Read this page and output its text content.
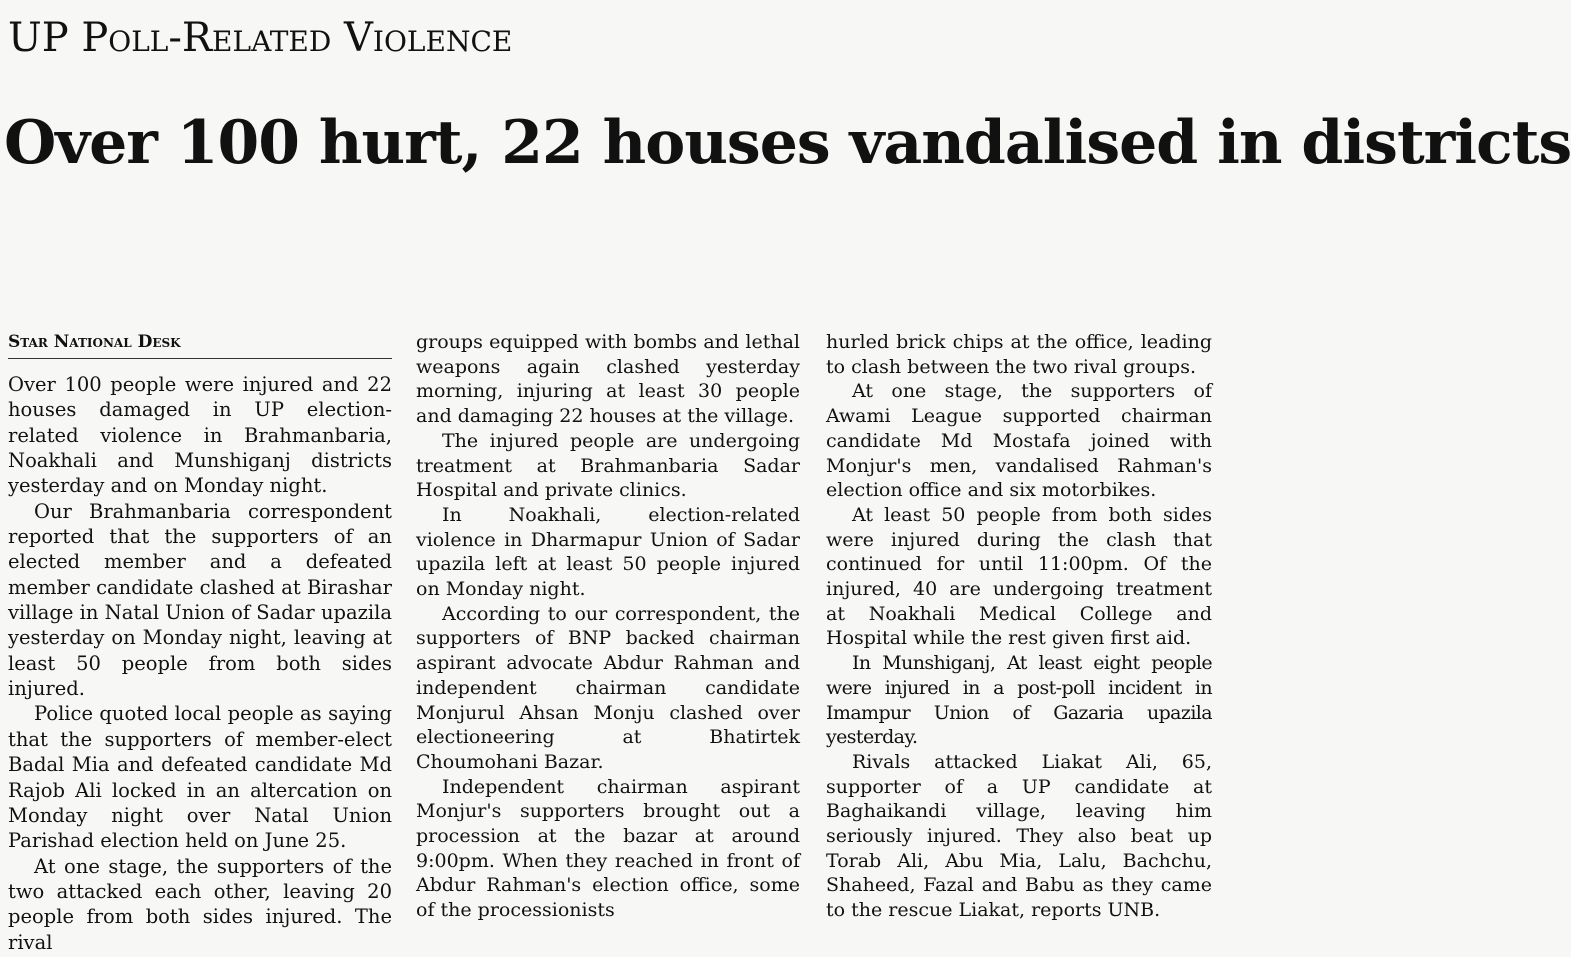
UP Poll-Related Violence
Over 100 hurt, 22 houses vandalised in districts
Star National Desk

Over 100 people were injured and 22 houses damaged in UP election-related violence in Brahmanbaria, Noakhali and Munshiganj districts yesterday and on Monday night.

Our Brahmanbaria correspondent reported that the supporters of an elected member and a defeated member candidate clashed at Birashar village in Natal Union of Sadar upazila yesterday on Monday night, leaving at least 50 people from both sides injured.

Police quoted local people as saying that the supporters of member-elect Badal Mia and defeated candidate Md Rajob Ali locked in an altercation on Monday night over Natal Union Parishad election held on June 25.

At one stage, the supporters of the two attacked each other, leaving 20 people from both sides injured. The rival

groups equipped with bombs and lethal weapons again clashed yesterday morning, injuring at least 30 people and damaging 22 houses at the village.

The injured people are undergoing treatment at Brahmanbaria Sadar Hospital and private clinics.

In Noakhali, election-related violence in Dharmapur Union of Sadar upazila left at least 50 people injured on Monday night.

According to our correspondent, the supporters of BNP backed chairman aspirant advocate Abdur Rahman and independent chairman candidate Monjurul Ahsan Monju clashed over electioneering at Bhatirtek Choumohani Bazar.

Independent chairman aspirant Monjur's supporters brought out a procession at the bazar at around 9:00pm. When they reached in front of Abdur Rahman's election office, some of the processionists

hurled brick chips at the office, leading to clash between the two rival groups.

At one stage, the supporters of Awami League supported chairman candidate Md Mostafa joined with Monjur's men, vandalised Rahman's election office and six motorbikes.

At least 50 people from both sides were injured during the clash that continued for until 11:00pm. Of the injured, 40 are undergoing treatment at Noakhali Medical College and Hospital while the rest given first aid.

In Munshiganj, At least eight people were injured in a post-poll incident in Imampur Union of Gazaria upazila yesterday.

Rivals attacked Liakat Ali, 65, supporter of a UP candidate at Baghaikandi village, leaving him seriously injured. They also beat up Torab Ali, Abu Mia, Lalu, Bachchu, Shaheed, Fazal and Babu as they came to the rescue Liakat, reports UNB.
